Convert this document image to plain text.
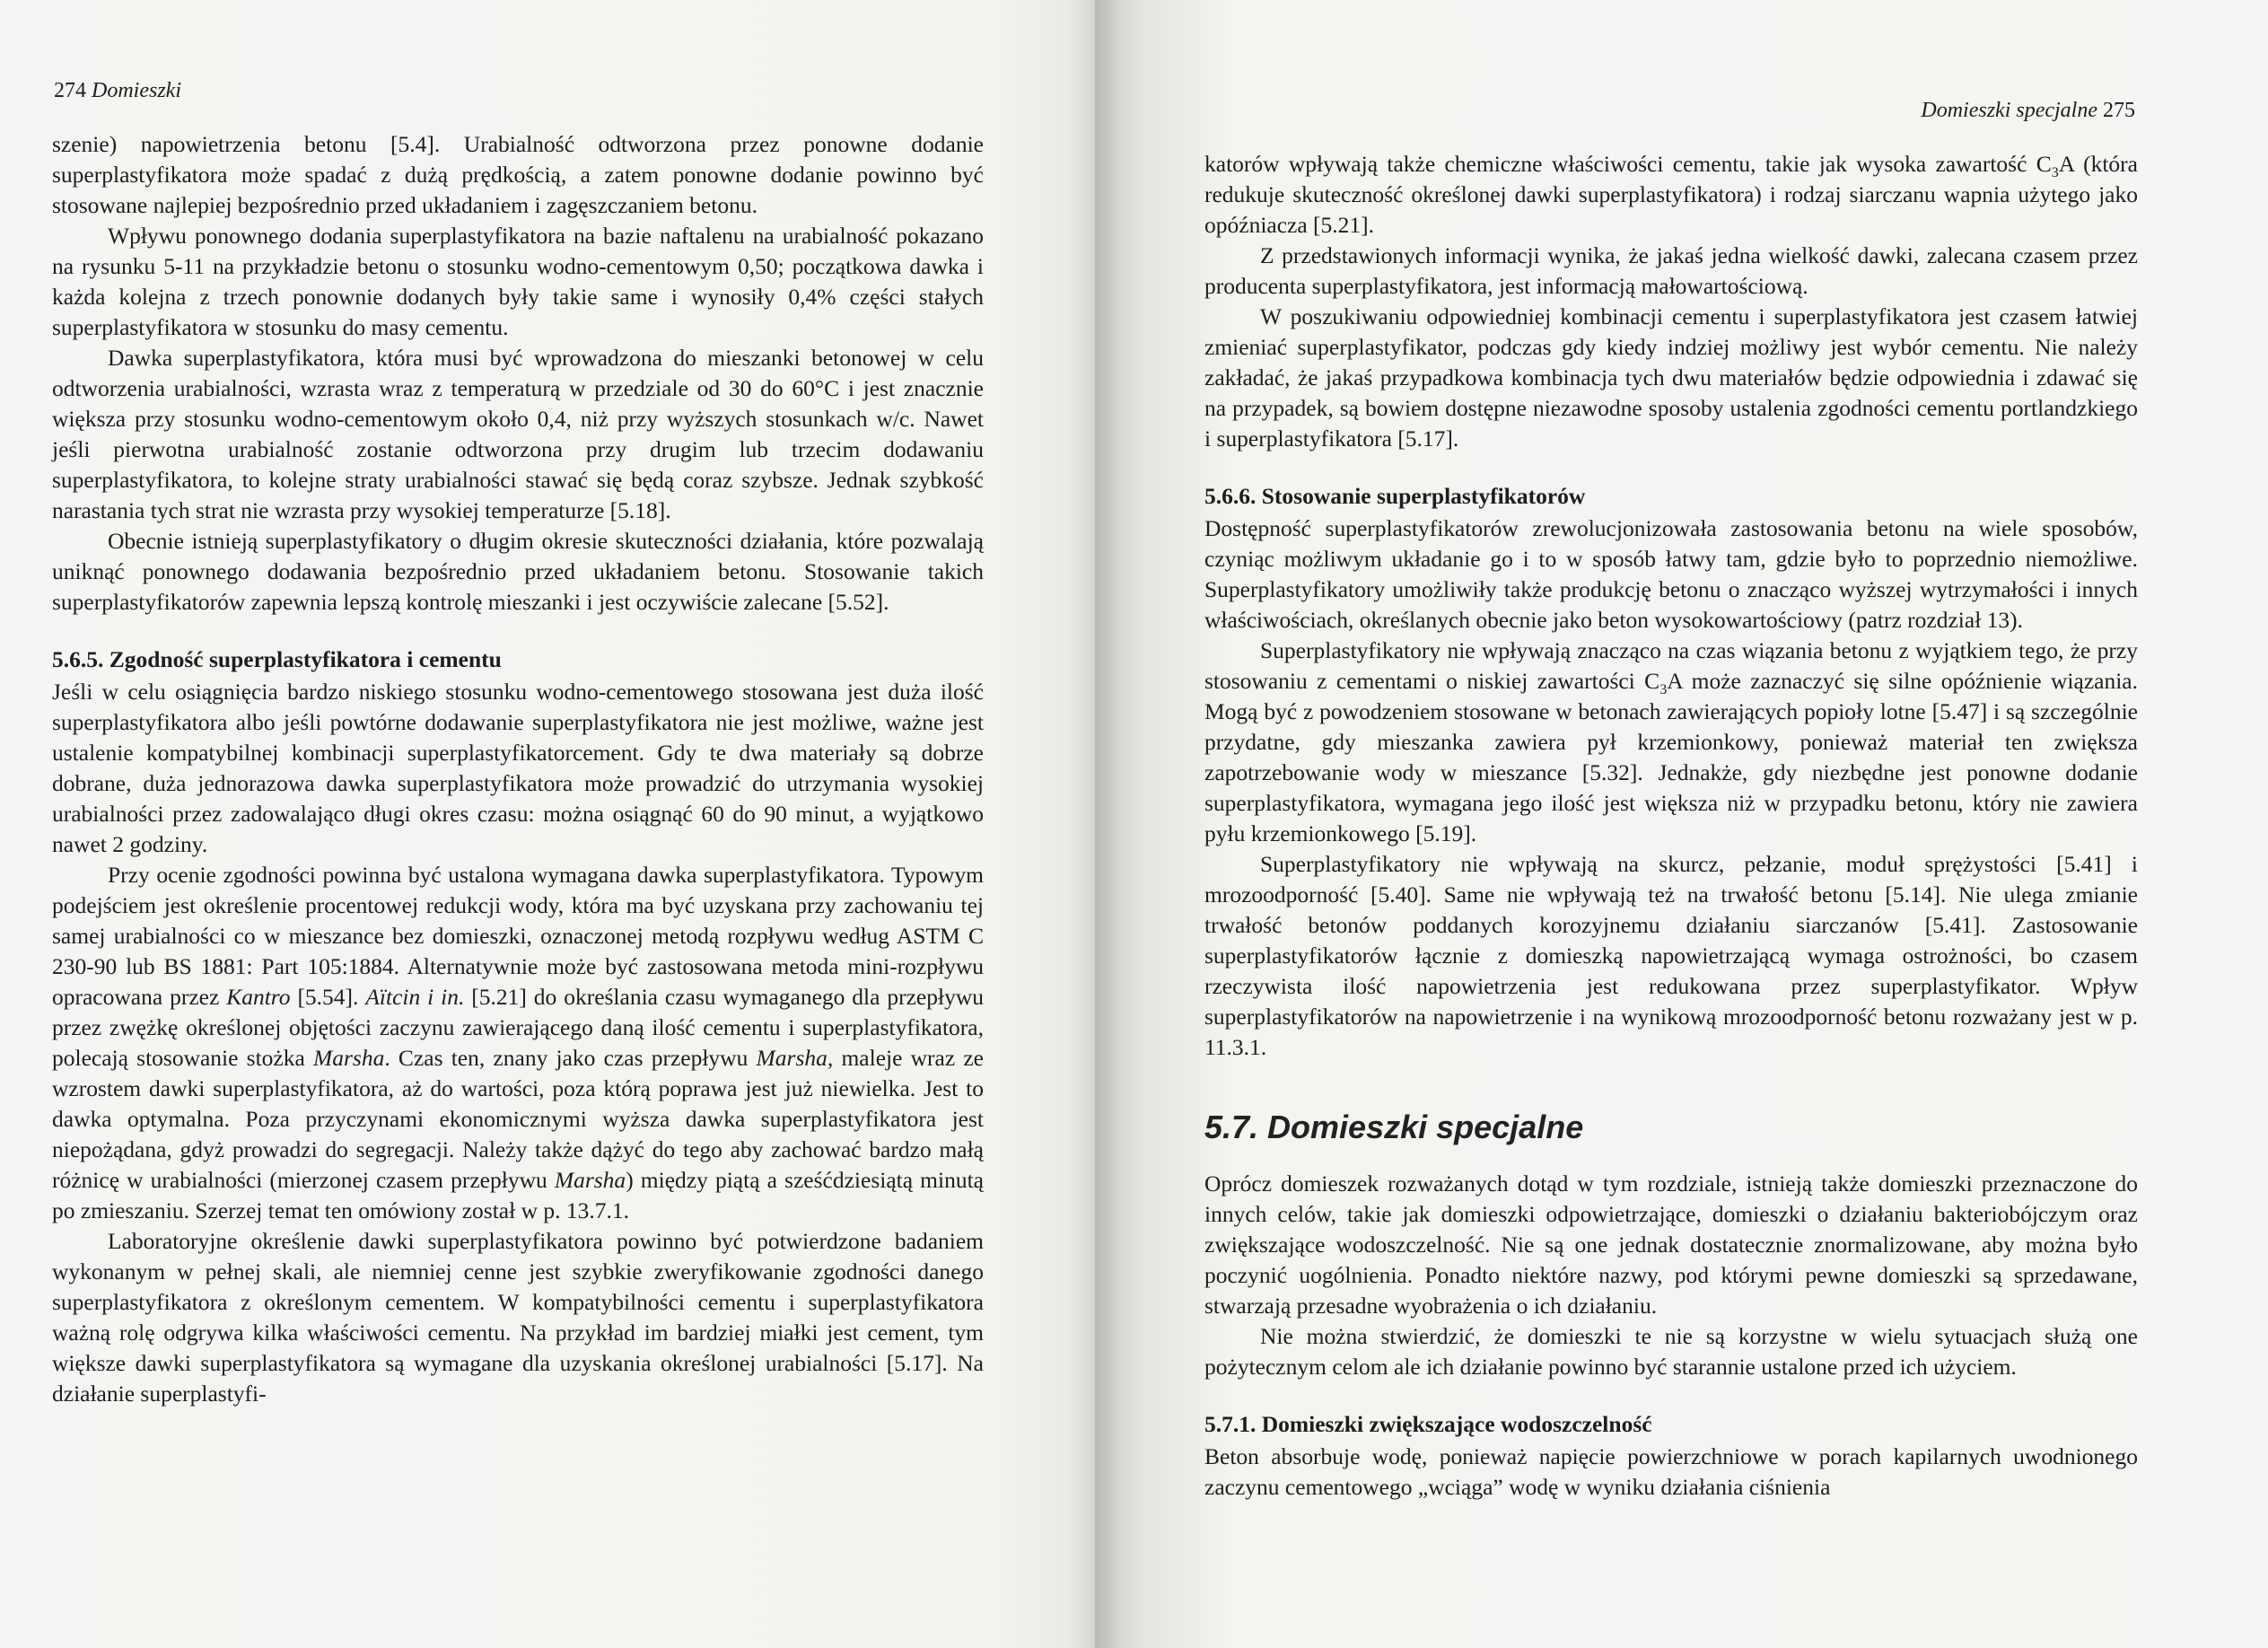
274 Domieszki
Domieszki specjalne 275

szenie) napowietrzenia betonu [5.4]. Urabialność odtworzona przez ponowne dodanie superplastyfikatora może spadać z dużą prędkością, a zatem ponowne dodanie powinno być stosowane najlepiej bezpośrednio przed układaniem i zagęszczaniem betonu.

Wpływu ponownego dodania superplastyfikatora na bazie naftalenu na urabialność pokazano na rysunku 5-11 na przykładzie betonu o stosunku wodno-cementowym 0,50; początkowa dawka i każda kolejna z trzech ponownie dodanych były takie same i wynosiły 0,4% części stałych superplastyfikatora w stosunku do masy cementu.

Dawka superplastyfikatora, która musi być wprowadzona do mieszanki betonowej w celu odtworzenia urabialności, wzrasta wraz z temperaturą w przedziale od 30 do 60°C i jest znacznie większa przy stosunku wodno-cementowym około 0,4, niż przy wyższych stosunkach w/c. Nawet jeśli pierwotna urabialność zostanie odtworzona przy drugim lub trzecim dodawaniu superplastyfikatora, to kolejne straty urabialności stawać się będą coraz szybsze. Jednak szybkość narastania tych strat nie wzrasta przy wysokiej temperaturze [5.18].

Obecnie istnieją superplastyfikatory o długim okresie skuteczności działania, które pozwalają uniknąć ponownego dodawania bezpośrednio przed układaniem betonu. Stosowanie takich superplastyfikatorów zapewnia lepszą kontrolę mieszanki i jest oczywiście zalecane [5.52].

5.6.5. Zgodność superplastyfikatora i cementu

Jeśli w celu osiągnięcia bardzo niskiego stosunku wodno-cementowego stosowana jest duża ilość superplastyfikatora albo jeśli powtórne dodawanie superplastyfikatora nie jest możliwe, ważne jest ustalenie kompatybilnej kombinacji superplastyfikatorcement. Gdy te dwa materiały są dobrze dobrane, duża jednorazowa dawka superplastyfikatora może prowadzić do utrzymania wysokiej urabialności przez zadowalająco długi okres czasu: można osiągnąć 60 do 90 minut, a wyjątkowo nawet 2 godziny.

Przy ocenie zgodności powinna być ustalona wymagana dawka superplastyfikatora. Typowym podejściem jest określenie procentowej redukcji wody, która ma być uzyskana przy zachowaniu tej samej urabialności co w mieszance bez domieszki, oznaczonej metodą rozpływu według ASTM C 230-90 lub BS 1881: Part 105:1884. Alternatywnie może być zastosowana metoda mini-rozpływu opracowana przez Kantro [5.54]. Aïtcin i in. [5.21] do określania czasu wymaganego dla przepływu przez zwężkę określonej objętości zaczynu zawierającego daną ilość cementu i superplastyfikatora, polecają stosowanie stożka Marsha. Czas ten, znany jako czas przepływu Marsha, maleje wraz ze wzrostem dawki superplastyfikatora, aż do wartości, poza którą poprawa jest już niewielka. Jest to dawka optymalna. Poza przyczynami ekonomicznymi wyższa dawka superplastyfikatora jest niepożądana, gdyż prowadzi do segregacji. Należy także dążyć do tego aby zachować bardzo małą różnicę w urabialności (mierzonej czasem przepływu Marsha) między piątą a sześćdziesiątą minutą po zmieszaniu. Szerzej temat ten omówiony został w p. 13.7.1.

Laboratoryjne określenie dawki superplastyfikatora powinno być potwierdzone badaniem wykonanym w pełnej skali, ale niemniej cenne jest szybkie zweryfikowanie zgodności danego superplastyfikatora z określonym cementem. W kompatybilności cementu i superplastyfikatora ważną rolę odgrywa kilka właściwości cementu. Na przykład im bardziej miałki jest cement, tym większe dawki superplastyfikatora są wymagane dla uzyskania określonej urabialności [5.17]. Na działanie superplastyfi-

katorów wpływają także chemiczne właściwości cementu, takie jak wysoka zawartość $C_3A$ (która redukuje skuteczność określonej dawki superplastyfikatora) i rodzaj siarczanu wapnia użytego jako opóźniacza [5.21].

Z przedstawionych informacji wynika, że jakaś jedna wielkość dawki, zalecana czasem przez producenta superplastyfikatora, jest informacją małowartościową.

W poszukiwaniu odpowiedniej kombinacji cementu i superplastyfikatora jest czasem łatwiej zmieniać superplastyfikator, podczas gdy kiedy indziej możliwy jest wybór cementu. Nie należy zakładać, że jakaś przypadkowa kombinacja tych dwu materiałów będzie odpowiednia i zdawać się na przypadek, są bowiem dostępne niezawodne sposoby ustalenia zgodności cementu portlandzkiego i superplastyfikatora [5.17].

5.6.6. Stosowanie superplastyfikatorów

Dostępność superplastyfikatorów zrewolucjonizowała zastosowania betonu na wiele sposobów, czyniąc możliwym układanie go i to w sposób łatwy tam, gdzie było to poprzednio niemożliwe. Superplastyfikatory umożliwiły także produkcję betonu o znacząco wyższej wytrzymałości i innych właściwościach, określanych obecnie jako beton wysokowartościowy (patrz rozdział 13).

Superplastyfikatory nie wpływają znacząco na czas wiązania betonu z wyjątkiem tego, że przy stosowaniu z cementami o niskiej zawartości $C_3A$ może zaznaczyć się silne opóźnienie wiązania. Mogą być z powodzeniem stosowane w betonach zawierających popioły lotne [5.47] i są szczególnie przydatne, gdy mieszanka zawiera pył krzemionkowy, ponieważ materiał ten zwiększa zapotrzebowanie wody w mieszance [5.32]. Jednakże, gdy niezbędne jest ponowne dodanie superplastyfikatora, wymagana jego ilość jest większa niż w przypadku betonu, który nie zawiera pyłu krzemionkowego [5.19].

Superplastyfikatory nie wpływają na skurcz, pełzanie, moduł sprężystości [5.41] i mrozoodporność [5.40]. Same nie wpływają też na trwałość betonu [5.14]. Nie ulega zmianie trwałość betonów poddanych korozyjnemu działaniu siarczanów [5.41]. Zastosowanie superplastyfikatorów łącznie z domieszką napowietrzającą wymaga ostrożności, bo czasem rzeczywista ilość napowietrzenia jest redukowana przez superplastyfikator. Wpływ superplastyfikatorów na napowietrzenie i na wynikową mrozoodporność betonu rozważany jest w p. 11.3.1.

5.7. Domieszki specjalne

Oprócz domieszek rozważanych dotąd w tym rozdziale, istnieją także domieszki przeznaczone do innych celów, takie jak domieszki odpowietrzające, domieszki o działaniu bakteriobójczym oraz zwiększające wodoszczelność. Nie są one jednak dostatecznie znormalizowane, aby można było poczynić uogólnienia. Ponadto niektóre nazwy, pod którymi pewne domieszki są sprzedawane, stwarzają przesadne wyobrażenia o ich działaniu.

Nie można stwierdzić, że domieszki te nie są korzystne w wielu sytuacjach służą one pożytecznym celom ale ich działanie powinno być starannie ustalone przed ich użyciem.

5.7.1. Domieszki zwiększające wodoszczelność

Beton absorbuje wodę, ponieważ napięcie powierzchniowe w porach kapilarnych uwodnionego zaczynu cementowego „wciąga” wodę w wyniku działania ciśnienia
